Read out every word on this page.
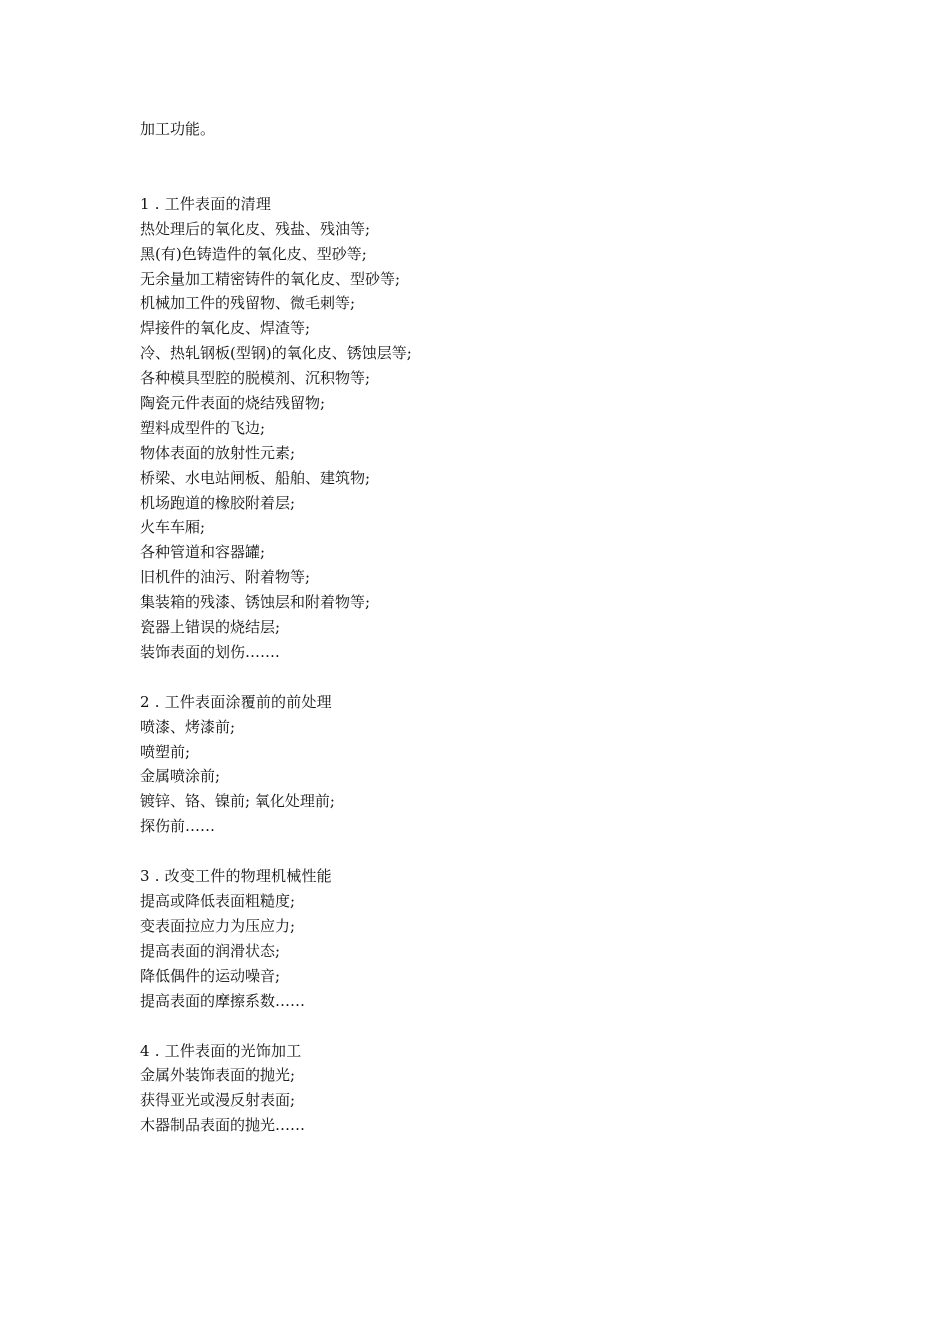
加工功能。
1 . 工件表面的清理
热处理后的氧化皮、残盐、残油等;
黑(有)色铸造件的氧化皮、型砂等;
无余量加工精密铸件的氧化皮、型砂等;
机械加工件的残留物、微毛刺等;
焊接件的氧化皮、焊渣等;
冷、热轧钢板(型钢)的氧化皮、锈蚀层等;
各种模具型腔的脱模剂、沉积物等;
陶瓷元件表面的烧结残留物;
塑料成型件的飞边;
物体表面的放射性元素;
桥梁、水电站闸板、船舶、建筑物;
机场跑道的橡胶附着层;
火车车厢;
各种管道和容器罐;
旧机件的油污、附着物等;
集装箱的残漆、锈蚀层和附着物等;
瓷器上错误的烧结层;
装饰表面的划伤…….
2 . 工件表面涂覆前的前处理
喷漆、烤漆前;
喷塑前;
金属喷涂前;
镀锌、铬、镍前; 氧化处理前;
探伤前……
3 . 改变工件的物理机械性能
提高或降低表面粗糙度;
变表面拉应力为压应力;
提高表面的润滑状态;
降低偶件的运动噪音;
提高表面的摩擦系数……
4 . 工件表面的光饰加工
金属外装饰表面的抛光;
获得亚光或漫反射表面;
木器制品表面的抛光……
